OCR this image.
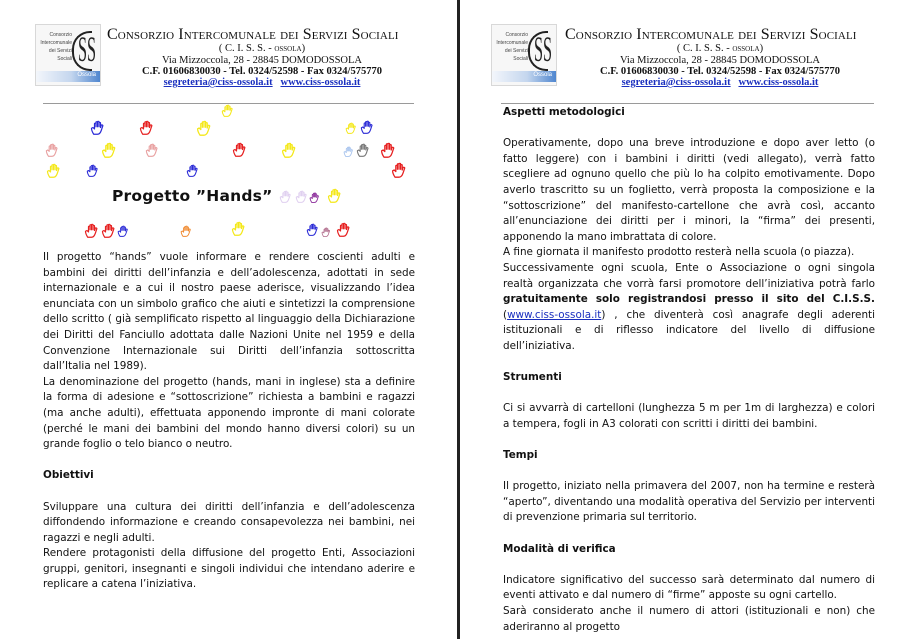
Consorzio
Intercomunale
dei Servizi
Sociali SS
Ossola
Consorzio Intercomunale dei Servizi Sociali
( C. I. S. S. - ossola)
Via Mizzoccola, 28 - 28845 DOMODOSSOLA
C.F. 01606830030 - Tel. 0324/52598 - Fax 0324/575770
segreteria@ciss-ossola.it www.ciss-ossola.it
Progetto ”Hands”

Il progetto “hands” vuole informare e rendere coscienti adulti e bambini dei diritti dell’infanzia e dell’adolescenza, adottati in sede internazionale e a cui il nostro paese aderisce, visualizzando l’idea enunciata con un simbolo grafico che aiuti e sintetizzi la comprensione dello scritto ( già semplificato rispetto al linguaggio della Dichiarazione dei Diritti del Fanciullo adottata dalle Nazioni Unite nel 1959 e della Convenzione Internazionale sui Diritti dell’infanzia sottoscritta dall’Italia nel 1989).

La denominazione del progetto (hands, mani in inglese) sta a definire la forma di adesione e “sottoscrizione” richiesta a bambini e ragazzi (ma anche adulti), effettuata apponendo impronte di mani colorate (perché le mani dei bambini del mondo hanno diversi colori) su un grande foglio o telo bianco o neutro.

Obiettivi

Sviluppare una cultura dei diritti dell’infanzia e dell’adolescenza diffondendo informazione e creando consapevolezza nei bambini, nei ragazzi e negli adulti.

Rendere protagonisti della diffusione del progetto Enti, Associazioni gruppi, genitori, insegnanti e singoli individui che intendano aderire e replicare a catena l’iniziativa.

Consorzio
Intercomunale
dei Servizi
Sociali SS
Ossola
Consorzio Intercomunale dei Servizi Sociali
( C. I. S. S. - ossola)
Via Mizzoccola, 28 - 28845 DOMODOSSOLA
C.F. 01606830030 - Tel. 0324/52598 - Fax 0324/575770
segreteria@ciss-ossola.it www.ciss-ossola.it
Aspetti metodologici

Operativamente, dopo una breve introduzione e dopo aver letto (o fatto leggere) con i bambini i diritti (vedi allegato), verrà fatto scegliere ad ognuno quello che più lo ha colpito emotivamente. Dopo averlo trascritto su un foglietto, verrà proposta la composizione e la “sottoscrizione” del manifesto-cartellone che avrà così, accanto all’enunciazione dei diritti per i minori, la “firma” dei presenti, apponendo la mano imbrattata di colore.

A fine giornata il manifesto prodotto resterà nella scuola (o piazza).

Successivamente ogni scuola, Ente o Associazione o ogni singola realtà organizzata che vorrà farsi promotore dell’iniziativa potrà farlo gratuitamente solo registrandosi presso il sito del C.I.S.S.(www.ciss-ossola.it) , che diventerà così anagrafe degli aderenti istituzionali e di riflesso indicatore del livello di diffusione dell’iniziativa.

Strumenti

Ci si avvarrà di cartelloni (lunghezza 5 m per 1m di larghezza) e colori a tempera, fogli in A3 colorati con scritti i diritti dei bambini.

Tempi

Il progetto, iniziato nella primavera del 2007, non ha termine e resterà “aperto”, diventando una modalità operativa del Servizio per interventi di prevenzione primaria sul territorio.

Modalità di verifica

Indicatore significativo del successo sarà determinato dal numero di eventi attivato e dal numero di “firme” apposte su ogni cartello.

Sarà considerato anche il numero di attori (istituzionali e non) che aderiranno al progetto
